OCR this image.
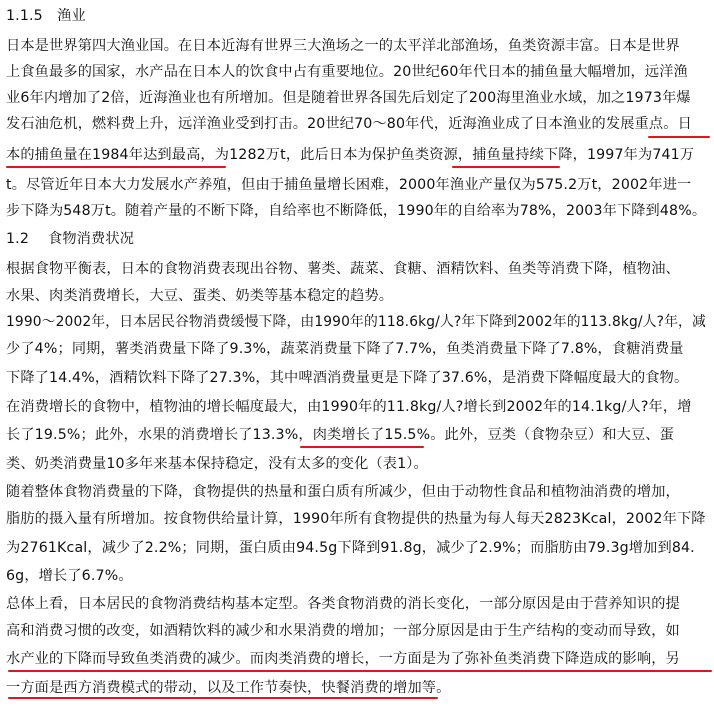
1.1.5　渔业
日本是世界第四大渔业国。在日本近海有世界三大渔场之一的太平洋北部渔场，鱼类资源丰富。日本是世界
上食鱼最多的国家，水产品在日本人的饮食中占有重要地位。20世纪60年代日本的捕鱼量大幅增加，远洋渔
业6年内增加了2倍，近海渔业也有所增加。但是随着世界各国先后划定了200海里渔业水域，加之1973年爆
发石油危机，燃料费上升，远洋渔业受到打击。20世纪70～80年代，近海渔业成了日本渔业的发展重点。日
本的捕鱼量在1984年达到最高，为1282万t，此后日本为保护鱼类资源，捕鱼量持续下降，1997年为741万
t。尽管近年日本大力发展水产养殖，但由于捕鱼量增长困难，2000年渔业产量仅为575.2万t，2002年进一
步下降为548万t。随着产量的不断下降，自给率也不断降低，1990年的自给率为78%，2003年下降到48%。
1.2　 食物消费状况
根据食物平衡表，日本的食物消费表现出谷物、薯类、蔬菜、食糖、酒精饮料、鱼类等消费下降，植物油、
水果、肉类消费增长，大豆、蛋类、奶类等基本稳定的趋势。
1990～2002年，日本居民谷物消费缓慢下降，由1990年的118.6kg/人?年下降到2002年的113.8kg/人?年，减
少了4%；同期，薯类消费量下降了9.3%，蔬菜消费量下降了7.7%，鱼类消费量下降了7.8%，食糖消费量
下降了14.4%，酒精饮料下降了27.3%，其中啤酒消费量更是下降了37.6%，是消费下降幅度最大的食物。
在消费增长的食物中，植物油的增长幅度最大，由1990年的11.8kg/人?增长到2002年的14.1kg/人?年，增
长了19.5%；此外，水果的消费增长了13.3%，肉类增长了15.5%。此外，豆类（食物杂豆）和大豆、蛋
类、奶类消费量10多年来基本保持稳定，没有太多的变化（表1）。
随着整体食物消费量的下降，食物提供的热量和蛋白质有所减少，但由于动物性食品和植物油消费的增加，
脂肪的摄入量有所增加。按食物供给量计算，1990年所有食物提供的热量为每人每天2823Kcal，2002年下降
为2761Kcal，减少了2.2%；同期，蛋白质由94.5g下降到91.8g，减少了2.9%；而脂肪由79.3g增加到84.
6g，增长了6.7%。
总体上看，日本居民的食物消费结构基本定型。各类食物消费的消长变化，一部分原因是由于营养知识的提
高和消费习惯的改变，如酒精饮料的减少和水果消费的增加；一部分原因是由于生产结构的变动而导致，如
水产业的下降而导致鱼类消费的减少。而肉类消费的增长，一方面是为了弥补鱼类消费下降造成的影响，另
一方面是西方消费模式的带动，以及工作节奏快，快餐消费的增加等。
